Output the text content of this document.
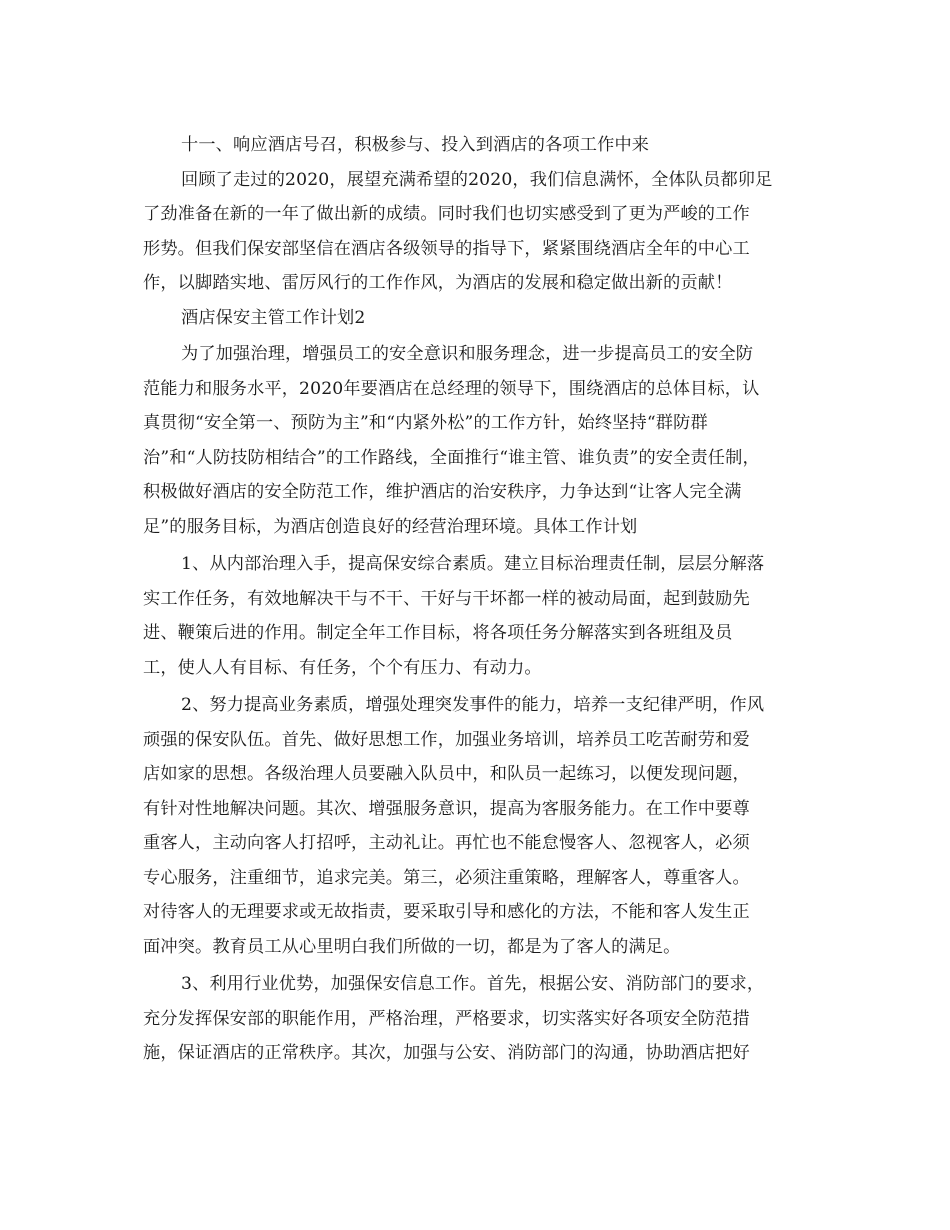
十一、响应酒店号召，积极参与、投入到酒店的各项工作中来
回顾了走过的2020，展望充满希望的2020，我们信息满怀，全体队员都卯足
了劲准备在新的一年了做出新的成绩。同时我们也切实感受到了更为严峻的工作
形势。但我们保安部坚信在酒店各级领导的指导下，紧紧围绕酒店全年的中心工
作，以脚踏实地、雷厉风行的工作作风，为酒店的发展和稳定做出新的贡献！
酒店保安主管工作计划2
为了加强治理，增强员工的安全意识和服务理念，进一步提高员工的安全防
范能力和服务水平，2020年要酒店在总经理的领导下，围绕酒店的总体目标，认
真贯彻“安全第一、预防为主”和“内紧外松”的工作方针，始终坚持“群防群
治”和“人防技防相结合”的工作路线，全面推行“谁主管、谁负责”的安全责任制，
积极做好酒店的安全防范工作，维护酒店的治安秩序，力争达到“让客人完全满
足”的服务目标，为酒店创造良好的经营治理环境。具体工作计划
1、从内部治理入手，提高保安综合素质。建立目标治理责任制，层层分解落
实工作任务，有效地解决干与不干、干好与干坏都一样的被动局面，起到鼓励先
进、鞭策后进的作用。制定全年工作目标，将各项任务分解落实到各班组及员
工，使人人有目标、有任务，个个有压力、有动力。
2、努力提高业务素质，增强处理突发事件的能力，培养一支纪律严明，作风
顽强的保安队伍。首先、做好思想工作，加强业务培训，培养员工吃苦耐劳和爱
店如家的思想。各级治理人员要融入队员中，和队员一起练习，以便发现问题，
有针对性地解决问题。其次、增强服务意识，提高为客服务能力。在工作中要尊
重客人，主动向客人打招呼，主动礼让。再忙也不能怠慢客人、忽视客人，必须
专心服务，注重细节，追求完美。第三，必须注重策略，理解客人，尊重客人。
对待客人的无理要求或无故指责，要采取引导和感化的方法，不能和客人发生正
面冲突。教育员工从心里明白我们所做的一切，都是为了客人的满足。
3、利用行业优势，加强保安信息工作。首先，根据公安、消防部门的要求，
充分发挥保安部的职能作用，严格治理，严格要求，切实落实好各项安全防范措
施，保证酒店的正常秩序。其次，加强与公安、消防部门的沟通，协助酒店把好
